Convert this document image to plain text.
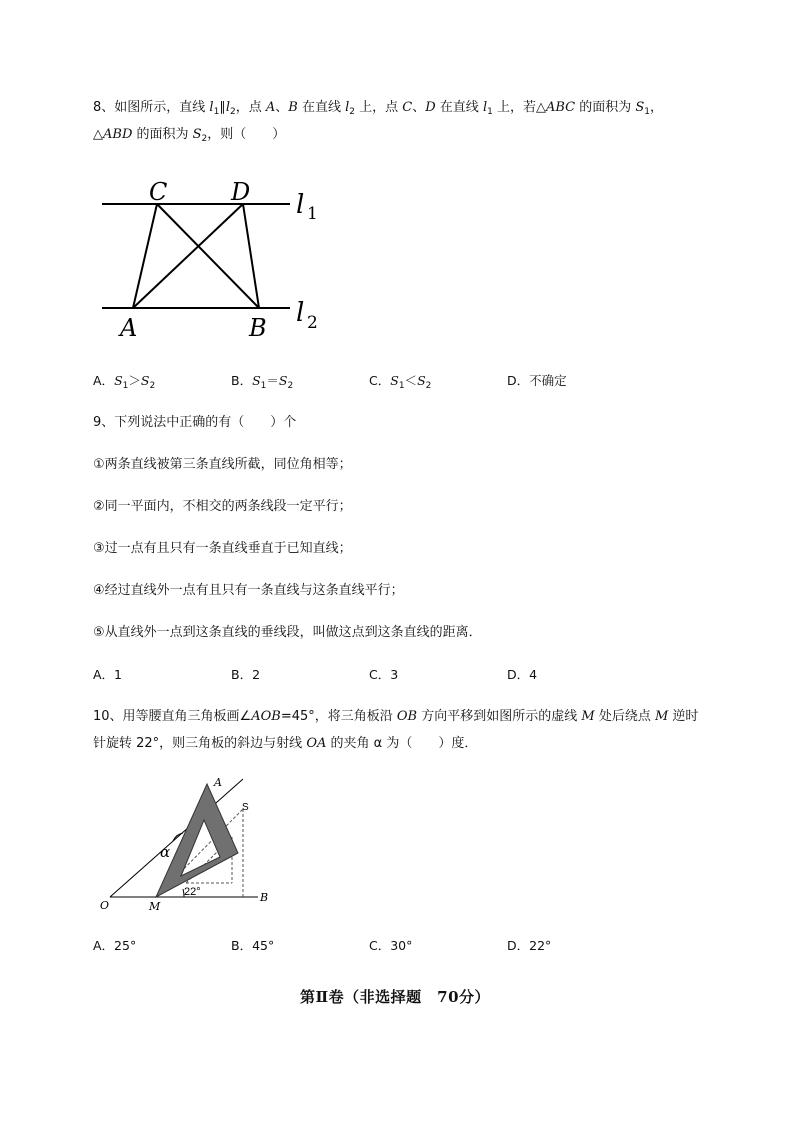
8、如图所示，直线 $l_1\parallel l_2$，点 A、B 在直线 $l_2$ 上，点 C、D 在直线 $l_1$ 上，若△ABC 的面积为 $S_1$，
△ABD 的面积为 $S_2$，则（　　）
C	D
A	B
l 1
l 2
A．$S_1>S_2$	B．$S_1=S_2$	C．$S_1<S_2$	D．不确定
9、下列说法中正确的有（　　）个
①两条直线被第三条直线所截，同位角相等；
②同一平面内，不相交的两条线段一定平行；
③过一点有且只有一条直线垂直于已知直线；
④经过直线外一点有且只有一条直线与这条直线平行；
⑤从直线外一点到这条直线的垂线段，叫做这点到这条直线的距离．
A．1	B．2	C．3	D．4
10、用等腰直角三角板画∠AOB=45°，将三角板沿 OB 方向平移到如图所示的虚线 M 处后绕点 M 逆时
针旋转 22°，则三角板的斜边与射线 OA 的夹角 α 为（　　）度．
A
S
α
22°
O	M
B
A．25°	B．45°	C．30°	D．22°
第Ⅱ卷（非选择题　70分）
